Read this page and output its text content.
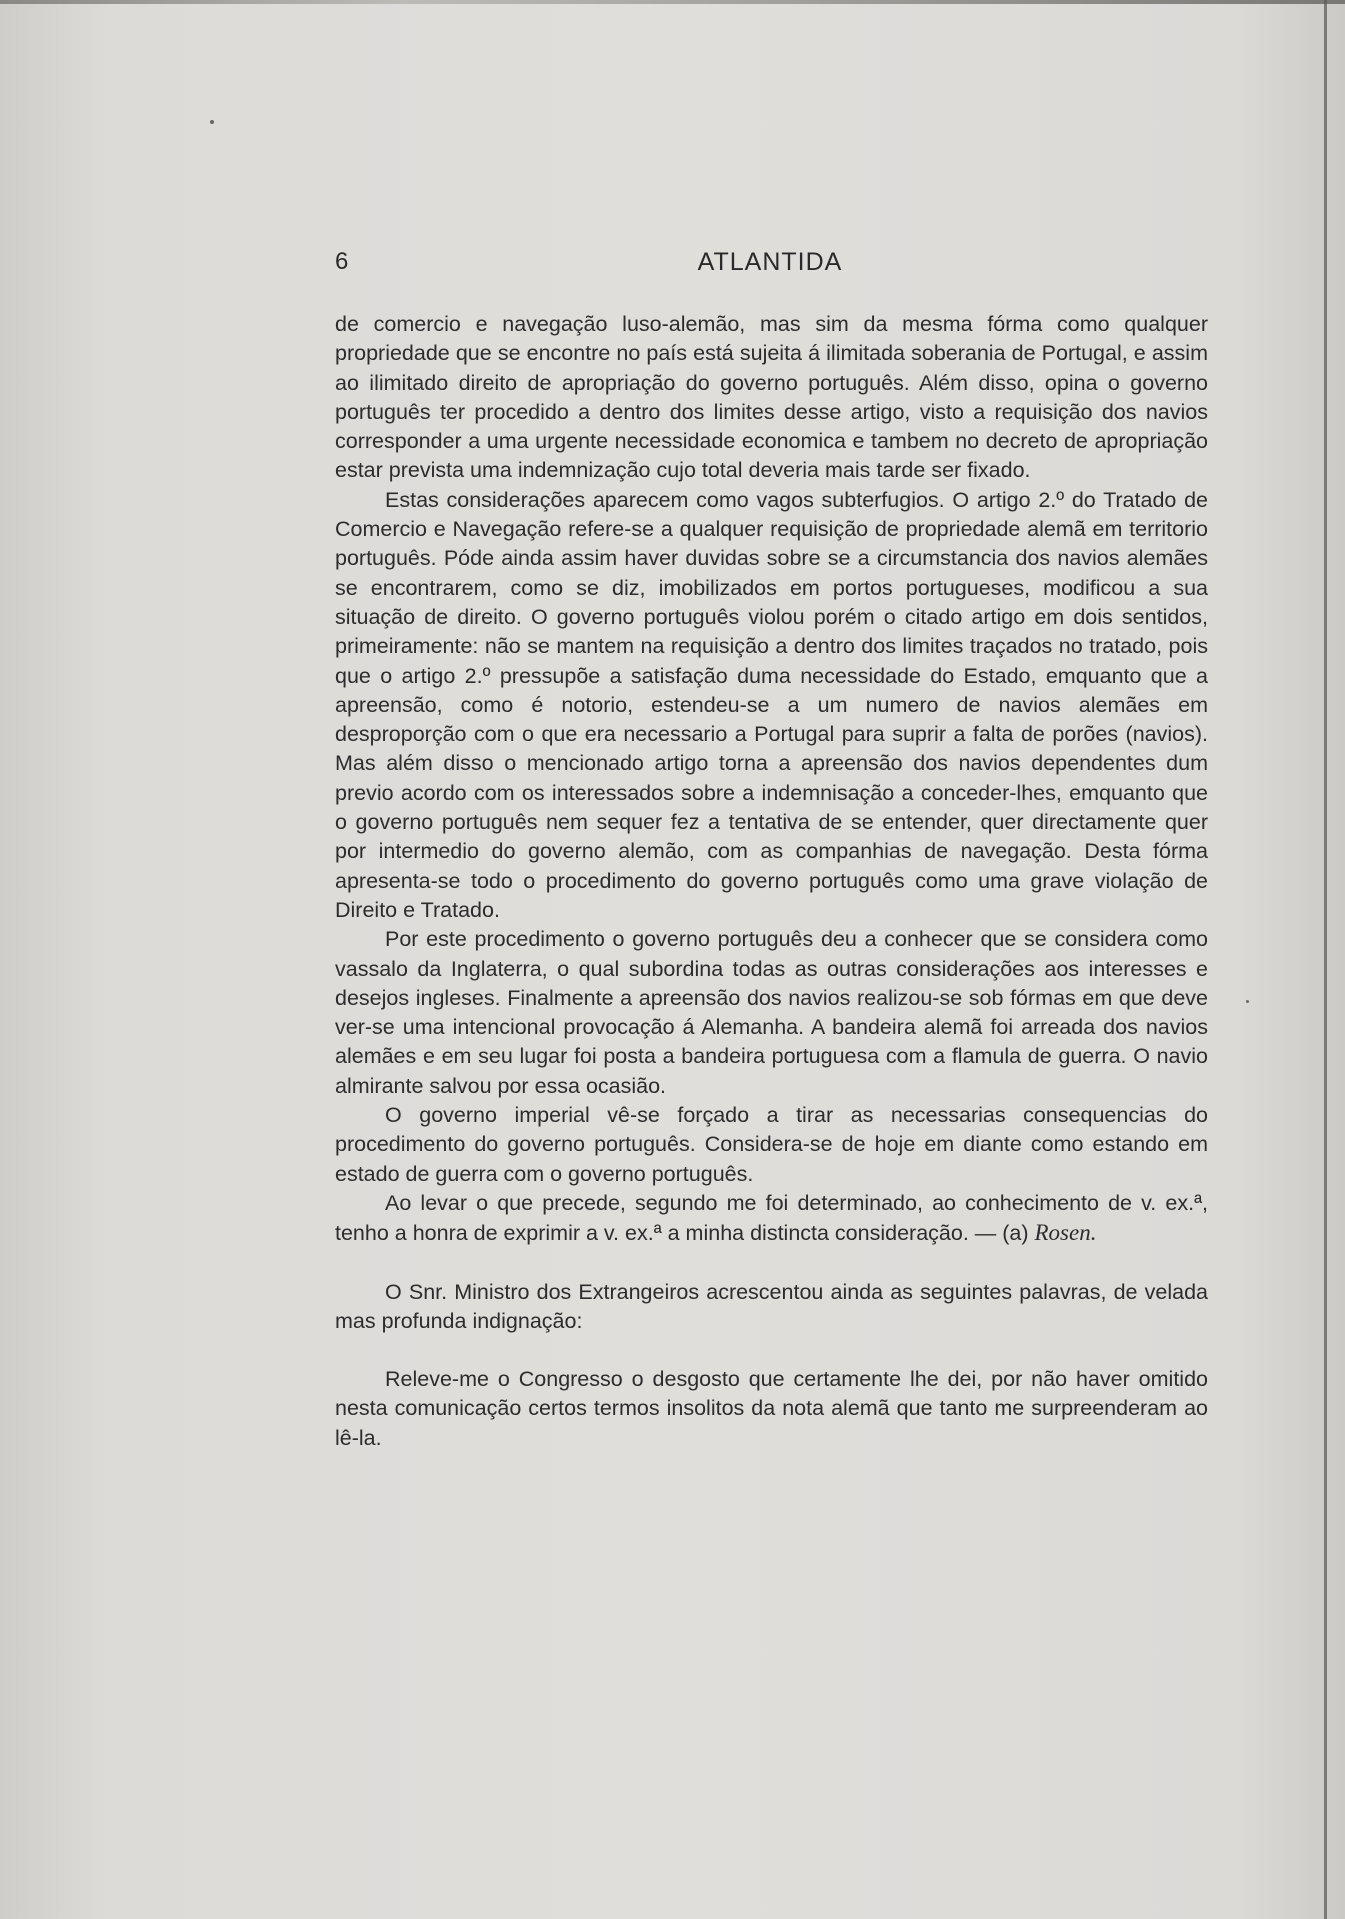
6	ATLANTIDA

de comercio e navegação luso-alemão, mas sim da mesma fórma como qualquer propriedade que se encontre no país está sujeita á ilimitada soberania de Portugal, e assim ao ilimitado direito de apropriação do governo português. Além disso, opina o governo português ter procedido a dentro dos limites desse artigo, visto a requisição dos navios corresponder a uma urgente necessidade economica e tambem no decreto de apropriação estar prevista uma indemnização cujo total deveria mais tarde ser fixado.

Estas considerações aparecem como vagos subterfugios. O artigo 2.º do Tratado de Comercio e Navegação refere-se a qualquer requisição de propriedade alemã em territorio português. Póde ainda assim haver duvidas sobre se a circumstancia dos navios alemães se encontrarem, como se diz, imobilizados em portos portugueses, modificou a sua situação de direito. O governo português violou porém o citado artigo em dois sentidos, primeiramente: não se mantem na requisição a dentro dos limites traçados no tratado, pois que o artigo 2.º pressupõe a satisfação duma necessidade do Estado, emquanto que a apreensão, como é notorio, estendeu-se a um numero de navios alemães em desproporção com o que era necessario a Portugal para suprir a falta de porões (navios). Mas além disso o mencionado artigo torna a apreensão dos navios dependentes dum previo acordo com os interessados sobre a indemnisação a conceder-lhes, emquanto que o governo português nem sequer fez a tentativa de se entender, quer directamente quer por intermedio do governo alemão, com as companhias de navegação. Desta fórma apresenta-se todo o procedimento do governo português como uma grave violação de Direito e Tratado.

Por este procedimento o governo português deu a conhecer que se considera como vassalo da Inglaterra, o qual subordina todas as outras considerações aos interesses e desejos ingleses. Finalmente a apreensão dos navios realizou-se sob fórmas em que deve ver-se uma intencional provocação á Alemanha. A bandeira alemã foi arreada dos navios alemães e em seu lugar foi posta a bandeira portuguesa com a flamula de guerra. O navio almirante salvou por essa ocasião.

O governo imperial vê-se forçado a tirar as necessarias consequencias do procedimento do governo português. Considera-se de hoje em diante como estando em estado de guerra com o governo português.

Ao levar o que precede, segundo me foi determinado, ao conhecimento de v. ex.ª, tenho a honra de exprimir a v. ex.ª a minha distincta consideração. — (a) Rosen.

O Snr. Ministro dos Extrangeiros acrescentou ainda as seguintes palavras, de velada mas profunda indignação:

Releve-me o Congresso o desgosto que certamente lhe dei, por não haver omitido nesta comunicação certos termos insolitos da nota alemã que tanto me surpreenderam ao lê-la.
